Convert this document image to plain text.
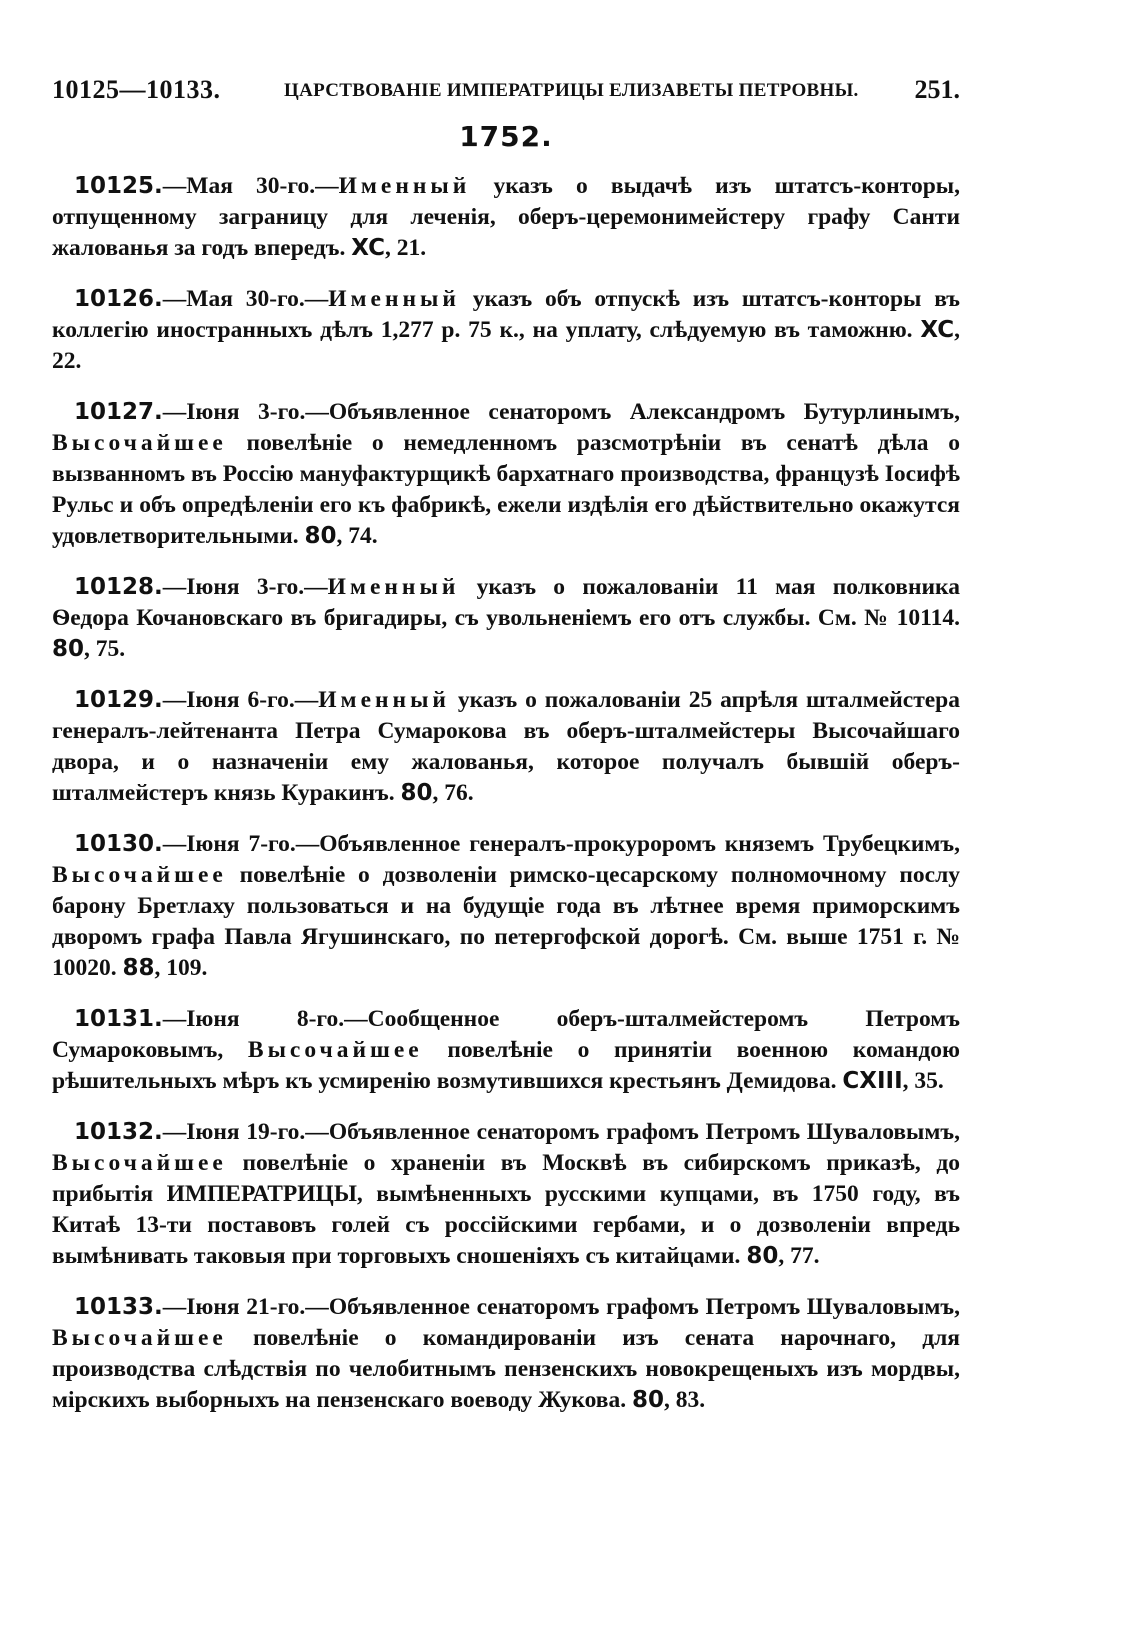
10125—10133.	ЦАРСТВОВАНІЕ ИМПЕРАТРИЦЫ ЕЛИЗАВЕТЫ ПЕТРОВНЫ. 251.
1752.
10125.—Мая 30-го.—Именный указъ о выдачѣ изъ штатсъ-конторы, отпущенному заграницу для леченія, оберъ-церемонимейстеру графу Санти жалованья за годъ впередъ. XC, 21.
10126.—Мая 30-го.—Именный указъ объ отпускѣ изъ штатсъ-конторы въ коллегію иностранныхъ дѣлъ 1,277 р. 75 к., на уплату, слѣдуемую въ таможню. XC, 22.
10127.—Іюня 3-го.—Объявленное сенаторомъ Александромъ Бутурлинымъ, Высочайшее повелѣніе о немедленномъ разсмотрѣніи въ сенатѣ дѣла о вызванномъ въ Россію мануфактурщикѣ бархатнаго производства, французѣ Іосифѣ Рульс и объ опредѣленіи его къ фабрикѣ, ежели издѣлія его дѣйствительно окажутся удовлетворительными. 80, 74.
10128.—Іюня 3-го.—Именный указъ о пожалованіи 11 мая полковника Ѳедора Кочановскаго въ бригадиры, съ увольненіемъ его отъ службы. См. № 10114. 80, 75.
10129.—Іюня 6-го.—Именный указъ о пожалованіи 25 апрѣля шталмейстера генералъ-лейтенанта Петра Сумарокова въ оберъ-шталмейстеры Высочайшаго двора, и о назначеніи ему жалованья, которое получалъ бывшій оберъ-шталмейстеръ князь Куракинъ. 80, 76.
10130.—Іюня 7-го.—Объявленное генералъ-прокуроромъ княземъ Трубецкимъ, Высочайшее повелѣніе о дозволеніи римско-цесарскому полномочному послу барону Бретлаху пользоваться и на будущіе года въ лѣтнее время приморскимъ дворомъ графа Павла Ягушинскаго, по петергофской дорогѣ. См. выше 1751 г. № 10020. 88, 109.
10131.—Іюня 8-го.—Сообщенное оберъ-шталмейстеромъ Петромъ Сумароковымъ, Высочайшее повелѣніе о принятіи военною командою рѣшительныхъ мѣръ къ усмиренію возмутившихся крестьянъ Демидова. CXIII, 35.
10132.—Іюня 19-го.—Объявленное сенаторомъ графомъ Петромъ Шуваловымъ, Высочайшее повелѣніе о храненіи въ Москвѣ въ сибирскомъ приказѣ, до прибытія ИМПЕРАТРИЦЫ, вымѣненныхъ русскими купцами, въ 1750 году, въ Китаѣ 13-ти поставовъ голей съ россійскими гербами, и о дозволеніи впредь вымѣнивать таковыя при торговыхъ сношеніяхъ съ китайцами. 80, 77.
10133.—Іюня 21-го.—Объявленное сенаторомъ графомъ Петромъ Шуваловымъ, Высочайшее повелѣніе о командированіи изъ сената нарочнаго, для производства слѣдствія по челобитнымъ пензенскихъ новокрещеныхъ изъ мордвы, мірскихъ выборныхъ на пензенскаго воеводу Жукова. 80, 83.
